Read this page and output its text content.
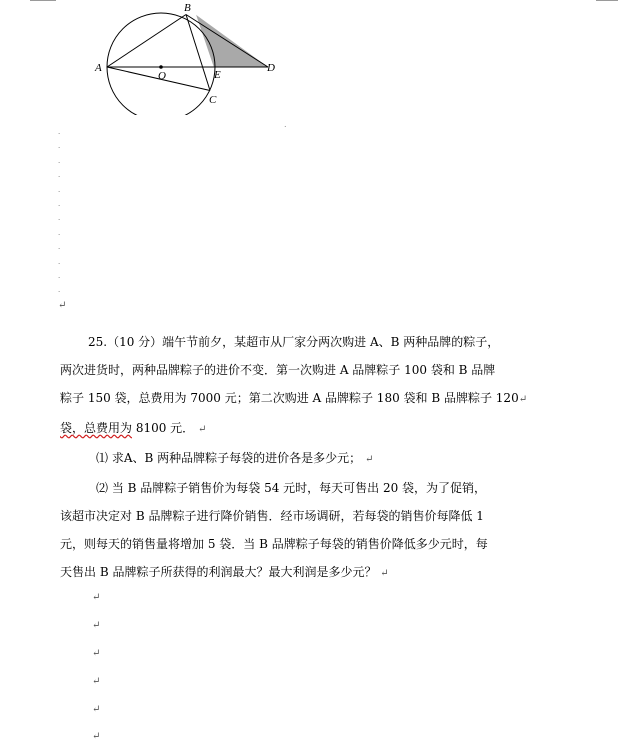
A
B
O	E
C
D
.
.
.
.
.
.
.
.
.
.
.
.
.
↵
25.（10 分）端午节前夕，某超市从厂家分两次购进 A、B 两种品牌的粽子，
两次进货时，两种品牌粽子的进价不变．第一次购进 A 品牌粽子 100 袋和 B 品牌
粽子 150 袋，总费用为 7000 元；第二次购进 A 品牌粽子 180 袋和 B 品牌粽子 120↵
袋，总费用为 8100 元． ↵
⑴ 求A、B 两种品牌粽子每袋的进价各是多少元； ↵
⑵ 当 B 品牌粽子销售价为每袋 54 元时，每天可售出 20 袋，为了促销，
该超市决定对 B 品牌粽子进行降价销售．经市场调研，若每袋的销售价每降低 1
元，则每天的销售量将增加 5 袋．当 B 品牌粽子每袋的销售价降低多少元时，每
天售出 B 品牌粽子所获得的利润最大？最大利润是多少元？ ↵
↵
↵
↵
↵
↵
↵
